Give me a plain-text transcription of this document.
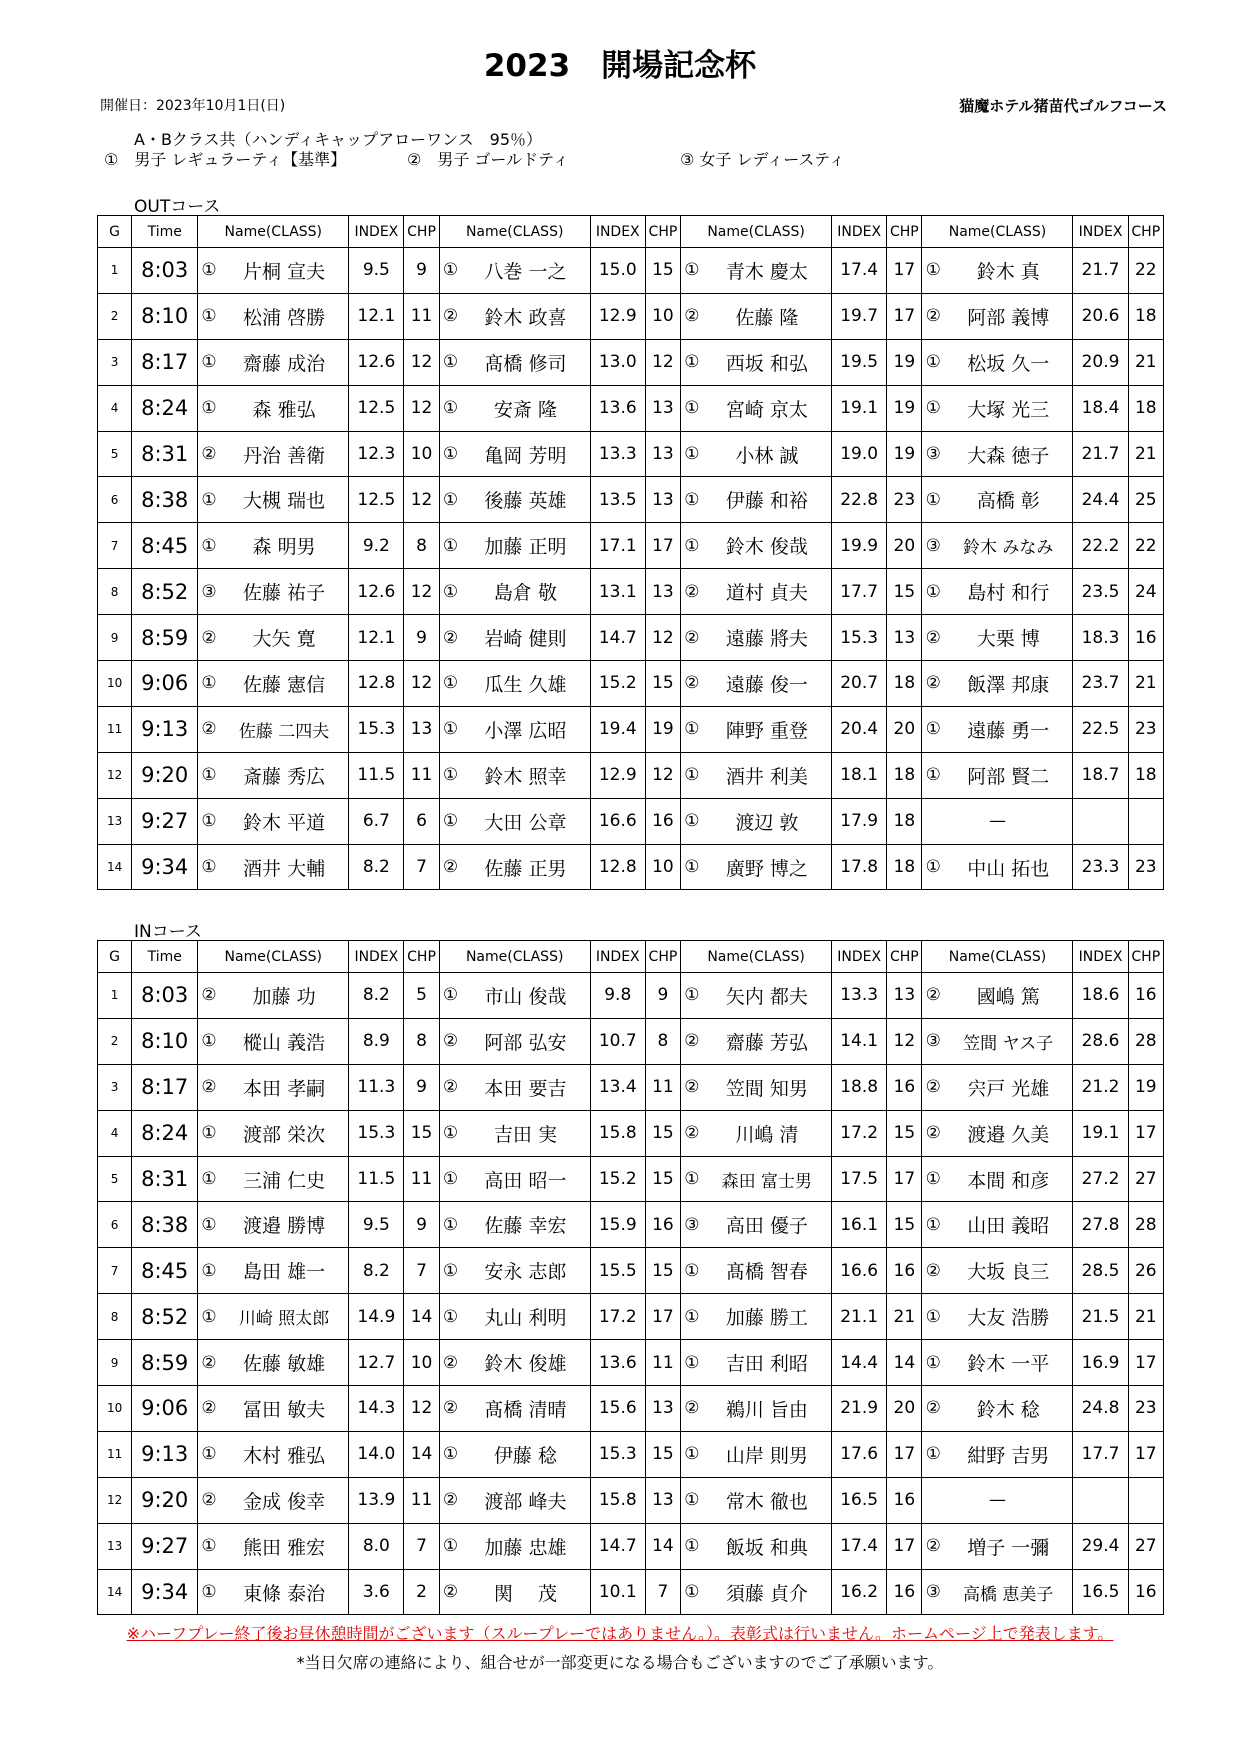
2023　開場記念杯
開催日：2023年10月1日(日)	猫魔ホテル猪苗代ゴルフコース
A・Bクラス共（ハンディキャップアローワンス　95％）
①　男子 レギュラーティ【基準】	②　男子 ゴールドティ	③ 女子 レディースティ
OUTコース
G	Time	Name(CLASS)		INDEX	CHP	Name(CLASS)		INDEX	CHP	Name(CLASS)		INDEX	CHP	Name(CLASS)		INDEX	CHP
1	8:03	①	片桐 宣夫	9.5	9	①	八巻 一之	15.0	15	①	青木 慶太	17.4	17	①	鈴木 真	21.7	22
2	8:10	①	松浦 啓勝	12.1	11	②	鈴木 政喜	12.9	10	②	佐藤 隆	19.7	17	②	阿部 義博	20.6	18
3	8:17	①	齋藤 成治	12.6	12	①	髙橋 修司	13.0	12	①	西坂 和弘	19.5	19	①	松坂 久一	20.9	21
4	8:24	①	森 雅弘	12.5	12	①	安斎 隆	13.6	13	①	宮崎 京太	19.1	19	①	大塚 光三	18.4	18
5	8:31	②	丹治 善衛	12.3	10	①	亀岡 芳明	13.3	13	①	小林 誠	19.0	19	③	大森 徳子	21.7	21
6	8:38	①	大槻 瑞也	12.5	12	①	後藤 英雄	13.5	13	①	伊藤 和裕	22.8	23	①	高橋 彰	24.4	25
7	8:45	①	森 明男	9.2	8	①	加藤 正明	17.1	17	①	鈴木 俊哉	19.9	20	③	鈴木 みなみ	22.2	22
8	8:52	③	佐藤 祐子	12.6	12	①	島倉 敬	13.1	13	②	道村 貞夫	17.7	15	①	島村 和行	23.5	24
9	8:59	②	大矢 寛	12.1	9	②	岩崎 健則	14.7	12	②	遠藤 將夫	15.3	13	②	大栗 博	18.3	16
10	9:06	①	佐藤 憲信	12.8	12	①	瓜生 久雄	15.2	15	②	遠藤 俊一	20.7	18	②	飯澤 邦康	23.7	21
11	9:13	②	佐藤 二四夫	15.3	13	①	小澤 広昭	19.4	19	①	陣野 重登	20.4	20	①	遠藤 勇一	22.5	23
12	9:20	①	斎藤 秀広	11.5	11	①	鈴木 照幸	12.9	12	①	酒井 利美	18.1	18	①	阿部 賢二	18.7	18
13	9:27	①	鈴木 平道	6.7	6	①	大田 公章	16.6	16	①	渡辺 敦	17.9	18	—			
14	9:34	①	酒井 大輔	8.2	7	②	佐藤 正男	12.8	10	①	廣野 博之	17.8	18	①	中山 拓也	23.3	23
INコース
G	Time	Name(CLASS)		INDEX	CHP	Name(CLASS)		INDEX	CHP	Name(CLASS)		INDEX	CHP	Name(CLASS)		INDEX	CHP
1	8:03	②	加藤 功	8.2	5	①	市山 俊哉	9.8	9	①	矢内 都夫	13.3	13	②	國嶋 篤	18.6	16
2	8:10	①	樅山 義浩	8.9	8	②	阿部 弘安	10.7	8	②	齋藤 芳弘	14.1	12	③	笠間 ヤス子	28.6	28
3	8:17	②	本田 孝嗣	11.3	9	②	本田 要吉	13.4	11	②	笠間 知男	18.8	16	②	宍戸 光雄	21.2	19
4	8:24	①	渡部 栄次	15.3	15	①	吉田 実	15.8	15	②	川嶋 清	17.2	15	②	渡邉 久美	19.1	17
5	8:31	①	三浦 仁史	11.5	11	①	高田 昭一	15.2	15	①	森田 富士男	17.5	17	①	本間 和彦	27.2	27
6	8:38	①	渡邉 勝博	9.5	9	①	佐藤 幸宏	15.9	16	③	高田 優子	16.1	15	①	山田 義昭	27.8	28
7	8:45	①	島田 雄一	8.2	7	①	安永 志郎	15.5	15	①	髙橋 智春	16.6	16	②	大坂 良三	28.5	26
8	8:52	①	川崎 照太郎	14.9	14	①	丸山 利明	17.2	17	①	加藤 勝工	21.1	21	①	大友 浩勝	21.5	21
9	8:59	②	佐藤 敏雄	12.7	10	②	鈴木 俊雄	13.6	11	①	吉田 利昭	14.4	14	①	鈴木 一平	16.9	17
10	9:06	②	冨田 敏夫	14.3	12	②	髙橋 清晴	15.6	13	②	鵜川 旨由	21.9	20	②	鈴木 稔	24.8	23
11	9:13	①	木村 雅弘	14.0	14	①	伊藤 稔	15.3	15	①	山岸 則男	17.6	17	①	紺野 吉男	17.7	17
12	9:20	②	金成 俊幸	13.9	11	②	渡部 峰夫	15.8	13	①	常木 徹也	16.5	16	—			
13	9:27	①	熊田 雅宏	8.0	7	①	加藤 忠雄	14.7	14	①	飯坂 和典	17.4	17	②	増子 一彌	29.4	27
14	9:34	①	東條 泰治	3.6	2	②	関　 茂	10.1	7	①	須藤 貞介	16.2	16	③	高橋 恵美子	16.5	16
※ハーフプレー終了後お昼休憩時間がございます（スループレーではありません。）。表彰式は行いません。ホームページ上で発表します。
*当日欠席の連絡により、組合せが一部変更になる場合もございますのでご了承願います。
